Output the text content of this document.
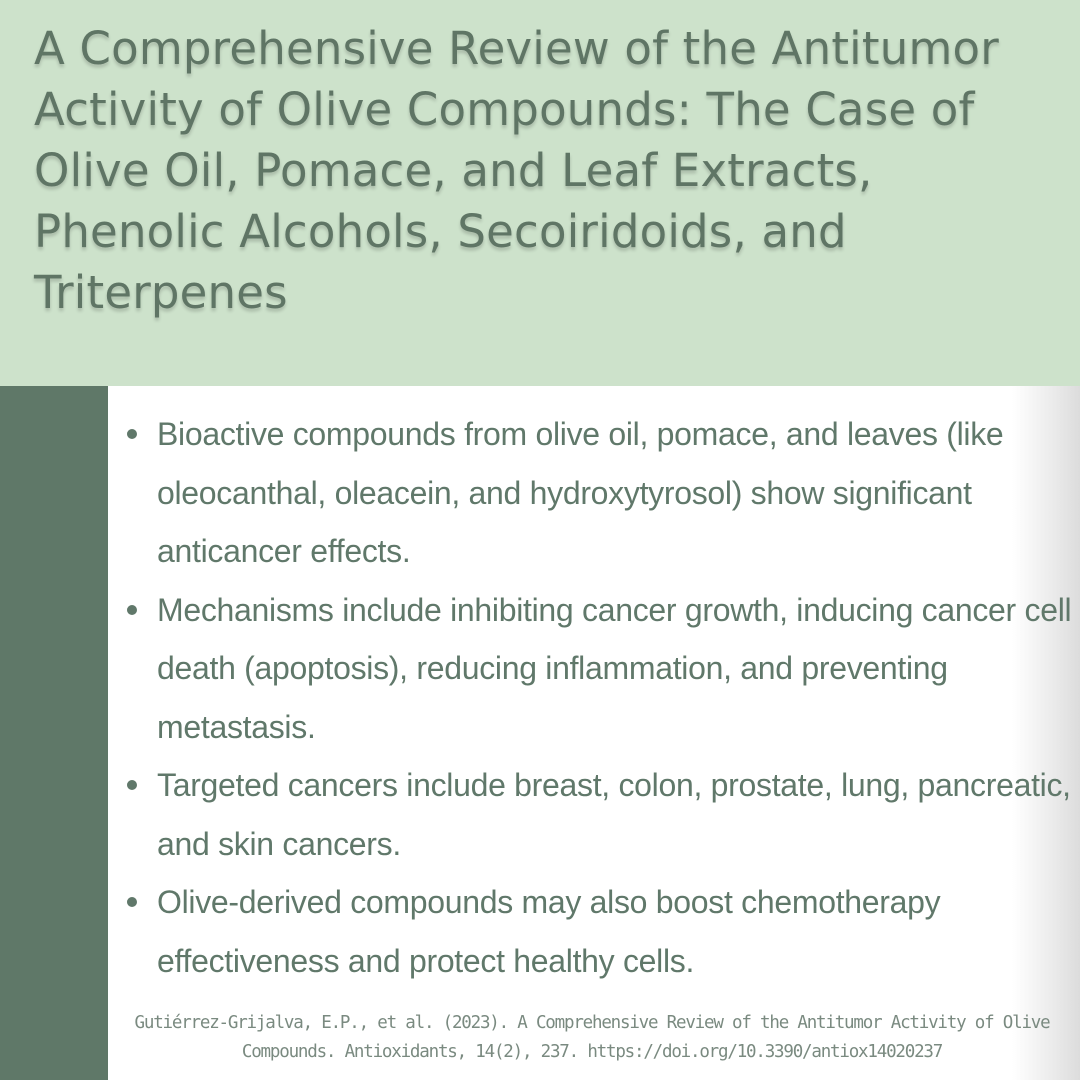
A Comprehensive Review of the Antitumor Activity of Olive Compounds: The Case of Olive Oil, Pomace, and Leaf Extracts, Phenolic Alcohols, Secoiridoids, and Triterpenes
Bioactive compounds from olive oil, pomace, and leaves (like oleocanthal, oleacein, and hydroxytyrosol) show significant anticancer effects.
Mechanisms include inhibiting cancer growth, inducing cancer cell death (apoptosis), reducing inflammation, and preventing metastasis.
Targeted cancers include breast, colon, prostate, lung, pancreatic, and skin cancers.
Olive-derived compounds may also boost chemotherapy effectiveness and protect healthy cells.

Gutiérrez-Grijalva, E.P., et al. (2023). A Comprehensive Review of the Antitumor Activity of Olive Compounds. Antioxidants, 14(2), 237. https://doi.org/10.3390/antiox14020237
